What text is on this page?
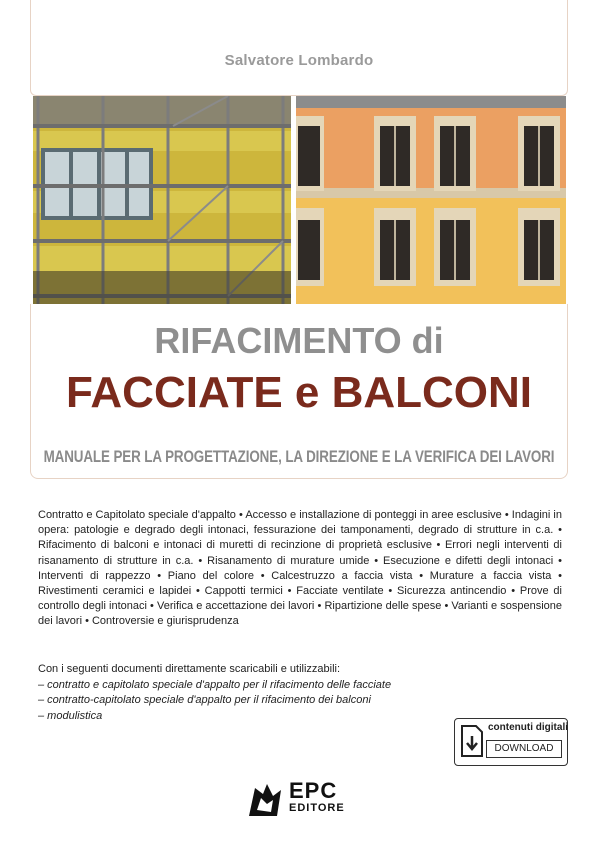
Salvatore Lombardo
RIFACIMENTO di
FACCIATE e BALCONI
MANUALE PER LA PROGETTAZIONE, LA DIREZIONE E LA VERIFICA DEI LAVORI
Contratto e Capitolato speciale d'appalto • Accesso e installazione di ponteggi in aree esclusive • Indagini in opera: patologie e degrado degli intonaci, fessurazione dei tamponamenti, degrado di strutture in c.a. • Rifacimento di balconi e intonaci di muretti di recinzione di proprietà esclusive • Errori negli interventi di risanamento di strutture in c.a. • Risanamento di murature umide • Esecuzione e difetti degli intonaci • Interventi di rappezzo • Piano del colore • Calcestruzzo a faccia vista • Murature a faccia vista • Rivestimenti ceramici e lapidei • Cappotti termici • Facciate ventilate • Sicurezza antincendio • Prove di controllo degli intonaci • Verifica e accettazione dei lavori • Ripartizione delle spese • Varianti e sospensione dei lavori • Controversie e giurisprudenza
Con i seguenti documenti direttamente scaricabili e utilizzabili:
– contratto e capitolato speciale d'appalto per il rifacimento delle facciate
– contratto-capitolato speciale d'appalto per il rifacimento dei balconi
– modulistica
contenuti digitali
DOWNLOAD
EPC
EDITORE
